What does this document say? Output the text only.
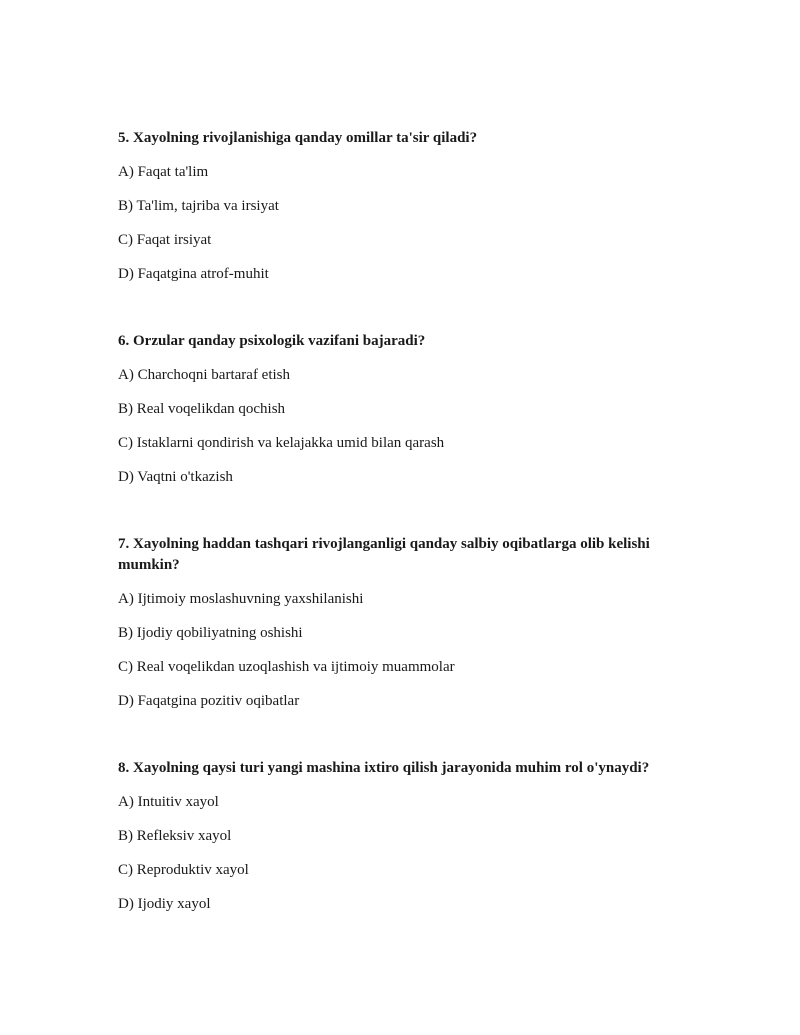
5. Xayolning rivojlanishiga qanday omillar ta'sir qiladi?

A) Faqat ta'lim

B) Ta'lim, tajriba va irsiyat

C) Faqat irsiyat

D) Faqatgina atrof-muhit

6. Orzular qanday psixologik vazifani bajaradi?

A) Charchoqni bartaraf etish

B) Real voqelikdan qochish

C) Istaklarni qondirish va kelajakka umid bilan qarash

D) Vaqtni o'tkazish

7. Xayolning haddan tashqari rivojlanganligi qanday salbiy oqibatlarga olib kelishi mumkin?

A) Ijtimoiy moslashuvning yaxshilanishi

B) Ijodiy qobiliyatning oshishi

C) Real voqelikdan uzoqlashish va ijtimoiy muammolar

D) Faqatgina pozitiv oqibatlar

8. Xayolning qaysi turi yangi mashina ixtiro qilish jarayonida muhim rol o'ynaydi?

A) Intuitiv xayol

B) Refleksiv xayol

C) Reproduktiv xayol

D) Ijodiy xayol
